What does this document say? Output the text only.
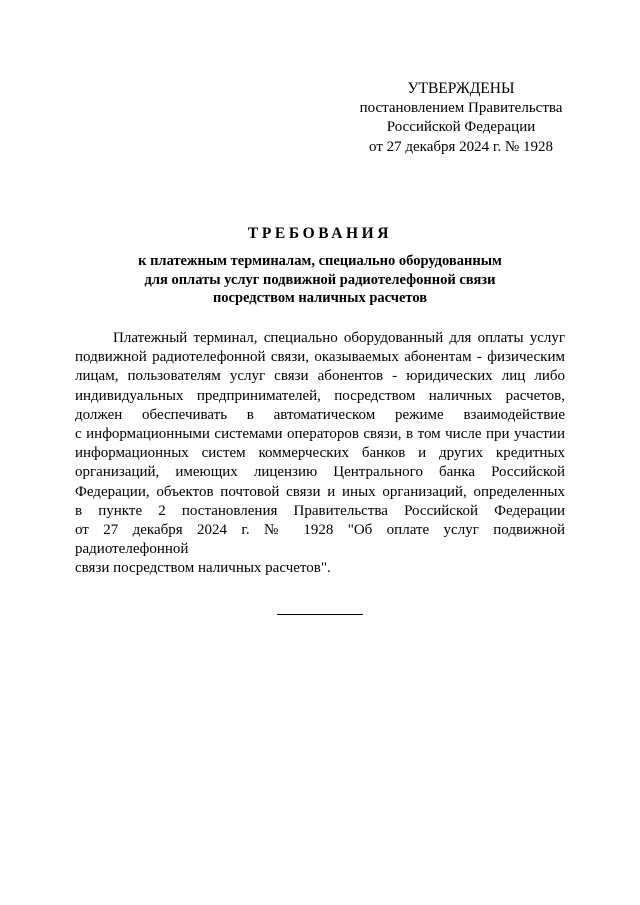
УТВЕРЖДЕНЫ
постановлением Правительства
Российской Федерации
от 27 декабря 2024 г. № 1928
ТРЕБОВАНИЯ
к платежным терминалам, специально оборудованным
для оплаты услуг подвижной радиотелефонной связи
посредством наличных расчетов
Платежный терминал, специально оборудованный для оплаты услуг
подвижной радиотелефонной связи, оказываемых абонентам - физическим
лицам, пользователям услуг связи абонентов - юридических лиц либо
индивидуальных предпринимателей, посредством наличных расчетов,
должен обеспечивать в автоматическом режиме взаимодействие
с информационными системами операторов связи, в том числе при участии
информационных систем коммерческих банков и других кредитных
организаций, имеющих лицензию Центрального банка Российской
Федерации, объектов почтовой связи и иных организаций, определенных
в пункте 2 постановления Правительства Российской Федерации
от 27 декабря 2024 г. № 1928 "Об оплате услуг подвижной радиотелефонной
связи посредством наличных расчетов".
